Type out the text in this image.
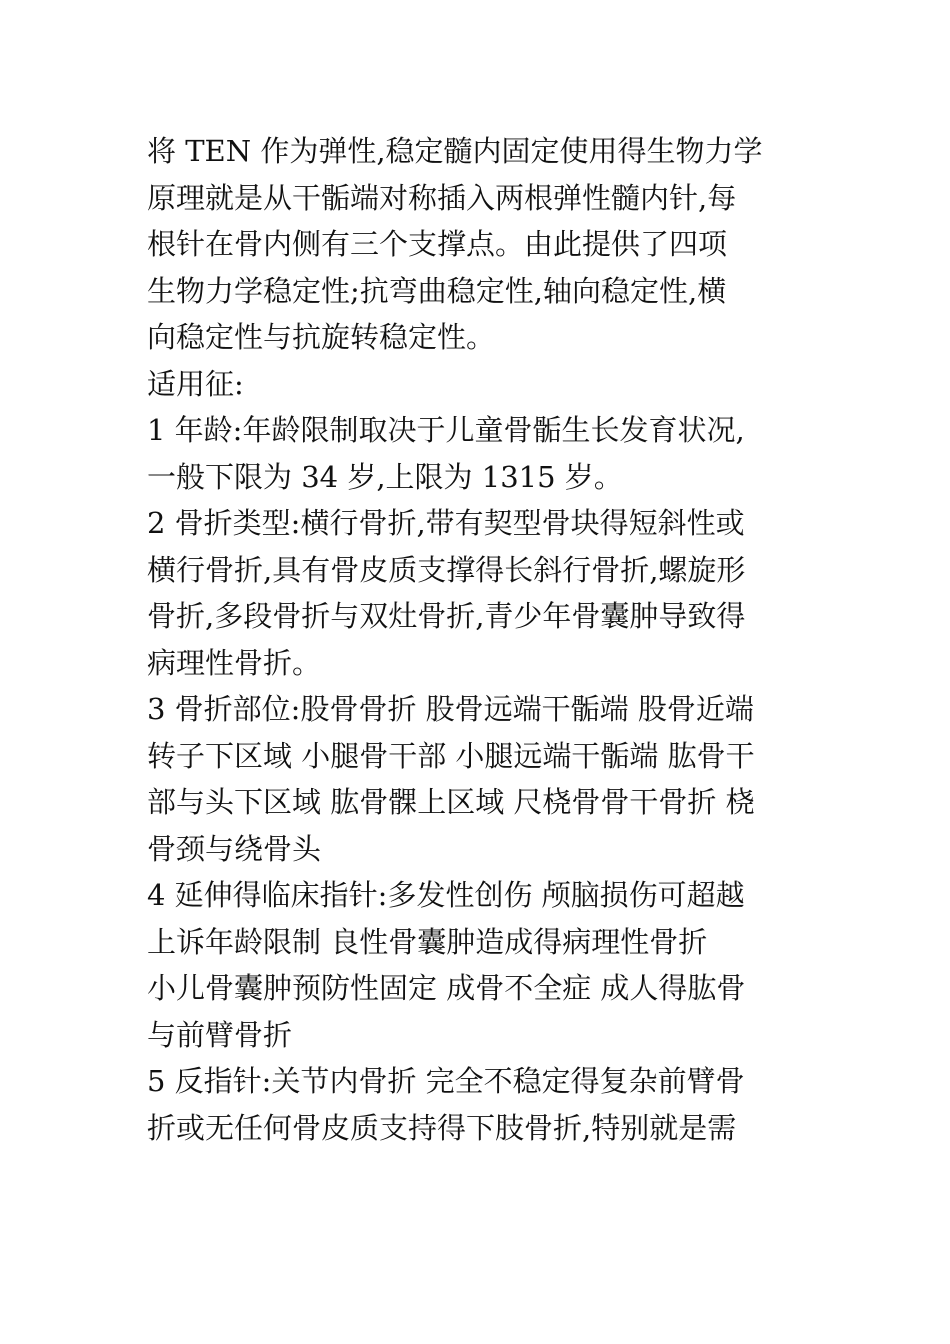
将 TEN 作为弹性,稳定髓内固定使用得生物力学
原理就是从干骺端对称插入两根弹性髓内针,每
根针在骨内侧有三个支撑点。由此提供了四项
生物力学稳定性;抗弯曲稳定性,轴向稳定性,横
向稳定性与抗旋转稳定性。
适用征:
1 年龄:年龄限制取决于儿童骨骺生长发育状况,
一般下限为 34 岁,上限为 1315 岁。
2 骨折类型:横行骨折,带有契型骨块得短斜性或
横行骨折,具有骨皮质支撑得长斜行骨折,螺旋形
骨折,多段骨折与双灶骨折,青少年骨囊肿导致得
病理性骨折。
3 骨折部位:股骨骨折 股骨远端干骺端 股骨近端
转子下区域 小腿骨干部 小腿远端干骺端 肱骨干
部与头下区域 肱骨髁上区域 尺桡骨骨干骨折 桡
骨颈与绕骨头
4 延伸得临床指针:多发性创伤 颅脑损伤可超越
上诉年龄限制 良性骨囊肿造成得病理性骨折
小儿骨囊肿预防性固定 成骨不全症 成人得肱骨
与前臂骨折
5 反指针:关节内骨折 完全不稳定得复杂前臂骨
折或无任何骨皮质支持得下肢骨折,特别就是需
